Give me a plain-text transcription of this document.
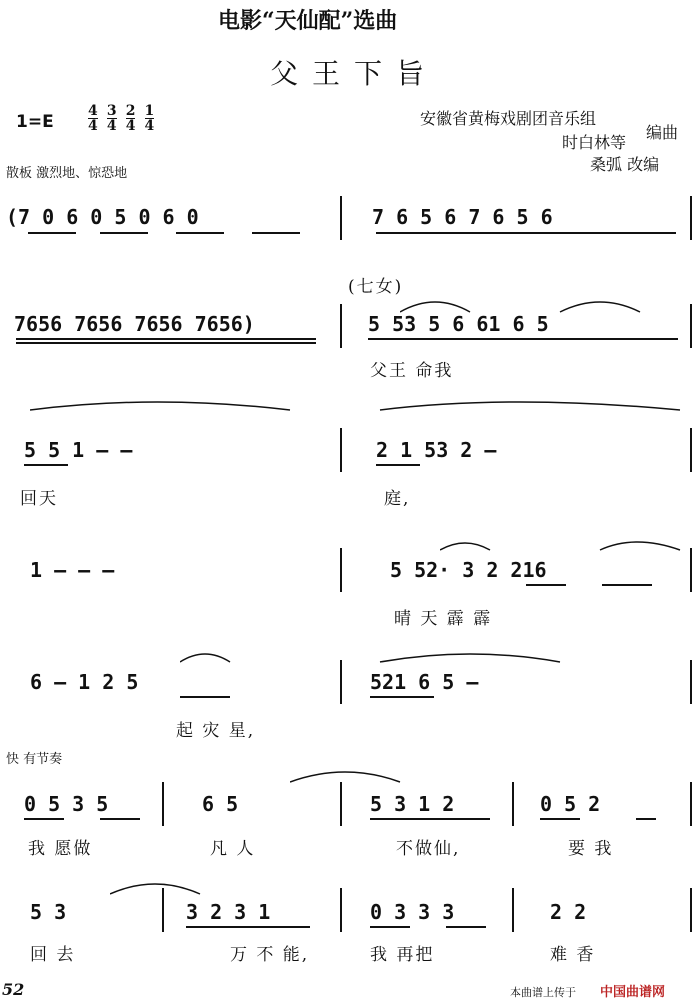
电影“天仙配”选曲
父王下旨
$1=E \frac{4}{4}$
$\frac{3}{4}$
$\frac{2}{4}$
$\frac{1}{4}$	安徽省黄梅戏剧团音乐组
时白林等
编曲
桑弧 改编
散板 激烈地、惊恐地
(7 0 6 0 5 0 6 0	7 6 5 6 7 6 5 6
(七女)
7656 7656 7656 7656)	5 53 5 6 61 6 5
父王 命我
5 5 1 — —	2 1 53 2 —
回天	庭,
1 — — —	5 52· 3 2 216
晴 天 霹 霹
6 — 1 2 5	521 6 5 —
起 灾 星,
快 有节奏
0 5 3 5	6 5	5 3 1 2	0 5 2
我 愿做	凡 人	不做仙,	要 我
5 3	3 2 3 1	0 3 3 3	2 2
回 去	万 不 能,	我 再把	难 香
52	本曲谱上传于 中国曲谱网
